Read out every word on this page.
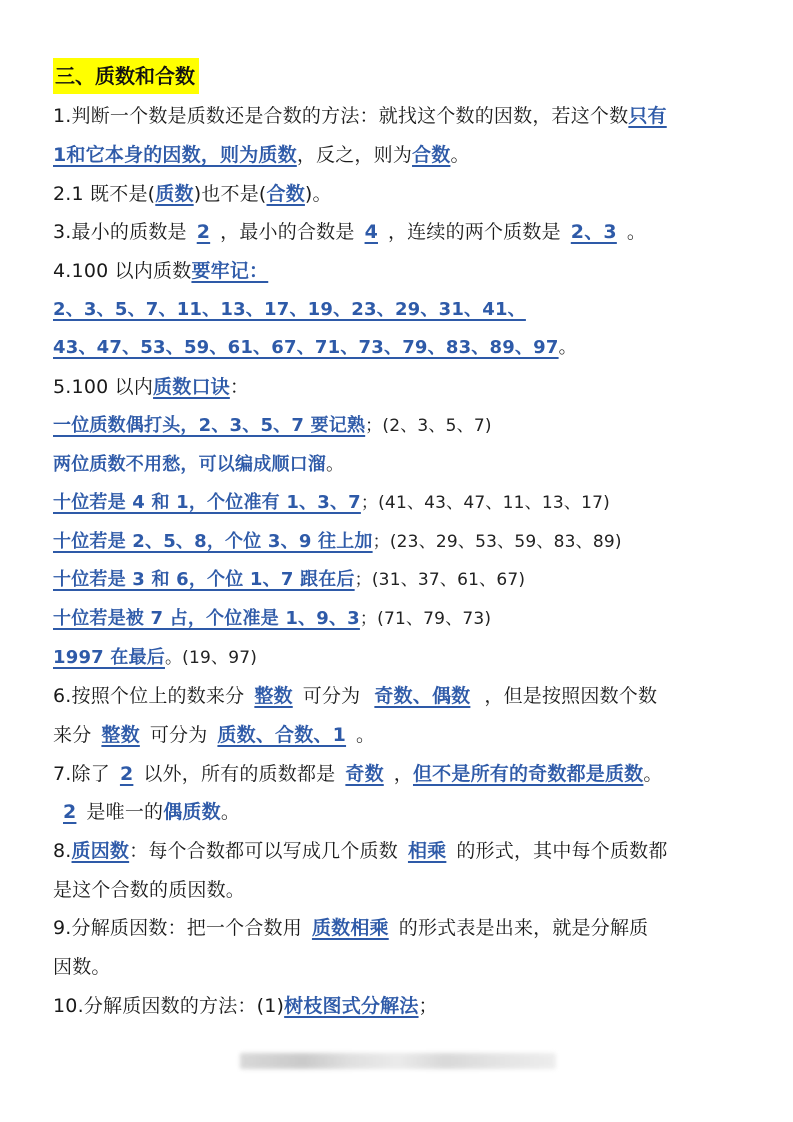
三、质数和合数
1.判断一个数是质数还是合数的方法：就找这个数的因数，若这个数只有
1和它本身的因数，则为质数，反之，则为合数。
2.1 既不是(质数)也不是(合数)。
3.最小的质数是 2 ，最小的合数是 4 ，连续的两个质数是 2、3 。
4.100 以内质数要牢记：
2、3、5、7、11、13、17、19、23、29、31、41、
43、47、53、59、61、67、71、73、79、83、89、97。
5.100 以内质数口诀：
一位质数偶打头，2、3、5、7 要记熟；(2、3、5、7)
两位质数不用愁，可以编成顺口溜。
十位若是 4 和 1，个位准有 1、3、7；(41、43、47、11、13、17)
十位若是 2、5、8，个位 3、9 往上加；(23、29、53、59、83、89)
十位若是 3 和 6，个位 1、7 跟在后；(31、37、61、67)
十位若是被 7 占，个位准是 1、9、3；(71、79、73)
1997 在最后。(19、97)
6.按照个位上的数来分 整数 可分为 奇数、偶数 ，但是按照因数个数
来分 整数 可分为 质数、合数、1 。
7.除了 2 以外，所有的质数都是 奇数 ，但不是所有的奇数都是质数。
2 是唯一的偶质数。
8.质因数：每个合数都可以写成几个质数 相乘 的形式，其中每个质数都
是这个合数的质因数。
9.分解质因数：把一个合数用 质数相乘 的形式表是出来，就是分解质
因数。
10.分解质因数的方法：(1)树枝图式分解法；
